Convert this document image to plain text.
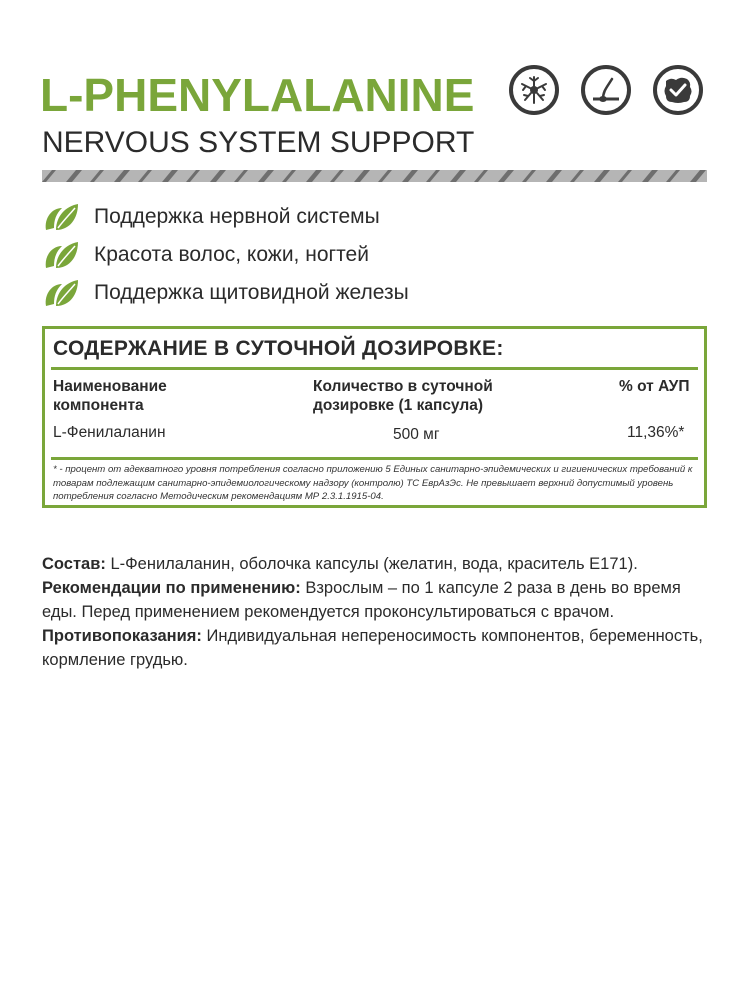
L-PHENYLALANINE
NERVOUS SYSTEM SUPPORT
Поддержка нервной системы
Красота волос, кожи, ногтей
Поддержка щитовидной железы
СОДЕРЖАНИЕ В СУТОЧНОЙ ДОЗИРОВКЕ:
Наименование компонента
Количество в суточной дозировке (1 капсула)
% от АУП
L-Фенилаланин	500 мг	11,36%*
* - процент от адекватного уровня потребления согласно приложению 5 Единых санитарно-эпидемических и гигиенических требований к товарам подлежащим санитарно-эпидемиологическому надзору (контролю) ТС ЕврАзЭс. Не превышает верхний допустимый уровень потребления согласно Методическим рекомендациям МР 2.3.1.1915-04.

Состав: L-Фенилаланин, оболочка капсулы (желатин, вода, краситель Е171).

Рекомендации по применению: Взрослым – по 1 капсуле 2 раза в день во время еды. Перед применением рекомендуется проконсультироваться с врачом.

Противопоказания: Индивидуальная непереносимость компонентов, беременность, кормление грудью.
